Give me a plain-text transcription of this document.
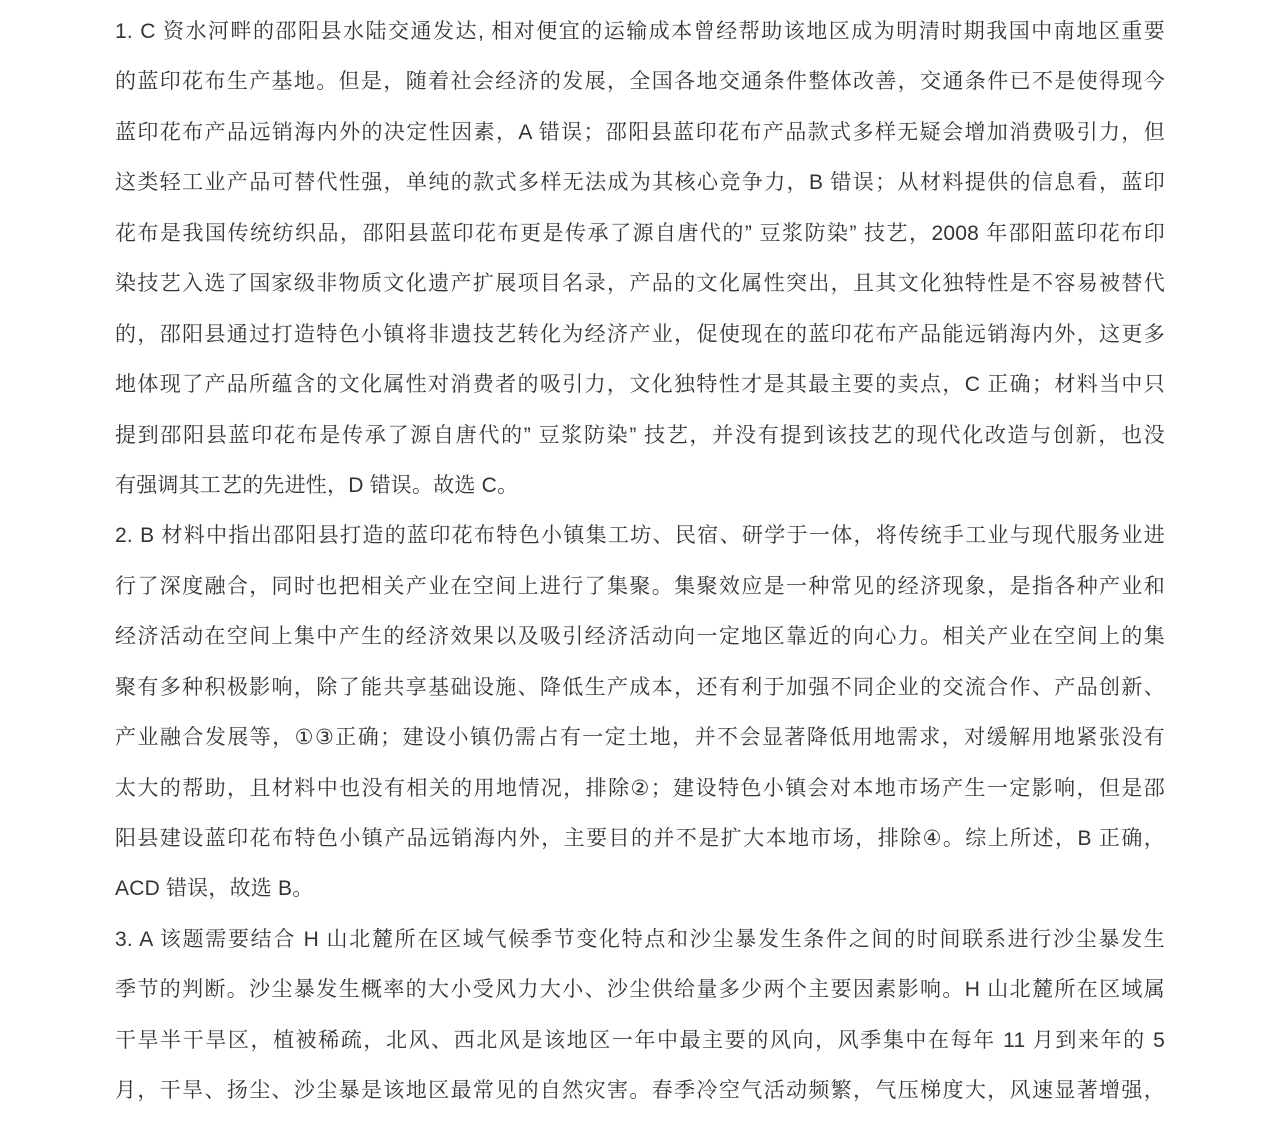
1. C 资水河畔的邵阳县水陆交通发达, 相对便宜的运输成本曾经帮助该地区成为明清时期我国中南地区重要
的蓝印花布生产基地。但是，随着社会经济的发展，全国各地交通条件整体改善，交通条件已不是使得现今
蓝印花布产品远销海内外的决定性因素，A 错误；邵阳县蓝印花布产品款式多样无疑会增加消费吸引力，但
这类轻工业产品可替代性强，单纯的款式多样无法成为其核心竞争力，B 错误；从材料提供的信息看，蓝印
花布是我国传统纺织品，邵阳县蓝印花布更是传承了源自唐代的” 豆浆防染” 技艺，2008 年邵阳蓝印花布印
染技艺入选了国家级非物质文化遗产扩展项目名录，产品的文化属性突出，且其文化独特性是不容易被替代
的，邵阳县通过打造特色小镇将非遗技艺转化为经济产业，促使现在的蓝印花布产品能远销海内外，这更多
地体现了产品所蕴含的文化属性对消费者的吸引力，文化独特性才是其最主要的卖点，C 正确；材料当中只
提到邵阳县蓝印花布是传承了源自唐代的” 豆浆防染” 技艺，并没有提到该技艺的现代化改造与创新，也没
有强调其工艺的先进性，D 错误。故选 C。
2. B 材料中指出邵阳县打造的蓝印花布特色小镇集工坊、民宿、研学于一体，将传统手工业与现代服务业进
行了深度融合，同时也把相关产业在空间上进行了集聚。集聚效应是一种常见的经济现象，是指各种产业和
经济活动在空间上集中产生的经济效果以及吸引经济活动向一定地区靠近的向心力。相关产业在空间上的集
聚有多种积极影响，除了能共享基础设施、降低生产成本，还有利于加强不同企业的交流合作、产品创新、
产业融合发展等，①③正确；建设小镇仍需占有一定土地，并不会显著降低用地需求，对缓解用地紧张没有
太大的帮助，且材料中也没有相关的用地情况，排除②；建设特色小镇会对本地市场产生一定影响，但是邵
阳县建设蓝印花布特色小镇产品远销海内外，主要目的并不是扩大本地市场，排除④。综上所述，B 正确，
ACD 错误，故选 B。
3. A 该题需要结合 H 山北麓所在区域气候季节变化特点和沙尘暴发生条件之间的时间联系进行沙尘暴发生
季节的判断。沙尘暴发生概率的大小受风力大小、沙尘供给量多少两个主要因素影响。H 山北麓所在区域属
干旱半干旱区，植被稀疏，北风、西北风是该地区一年中最主要的风向，风季集中在每年 11 月到来年的 5
月，干旱、扬尘、沙尘暴是该地区最常见的自然灾害。春季冷空气活动频繁，气压梯度大，风速显著增强，
